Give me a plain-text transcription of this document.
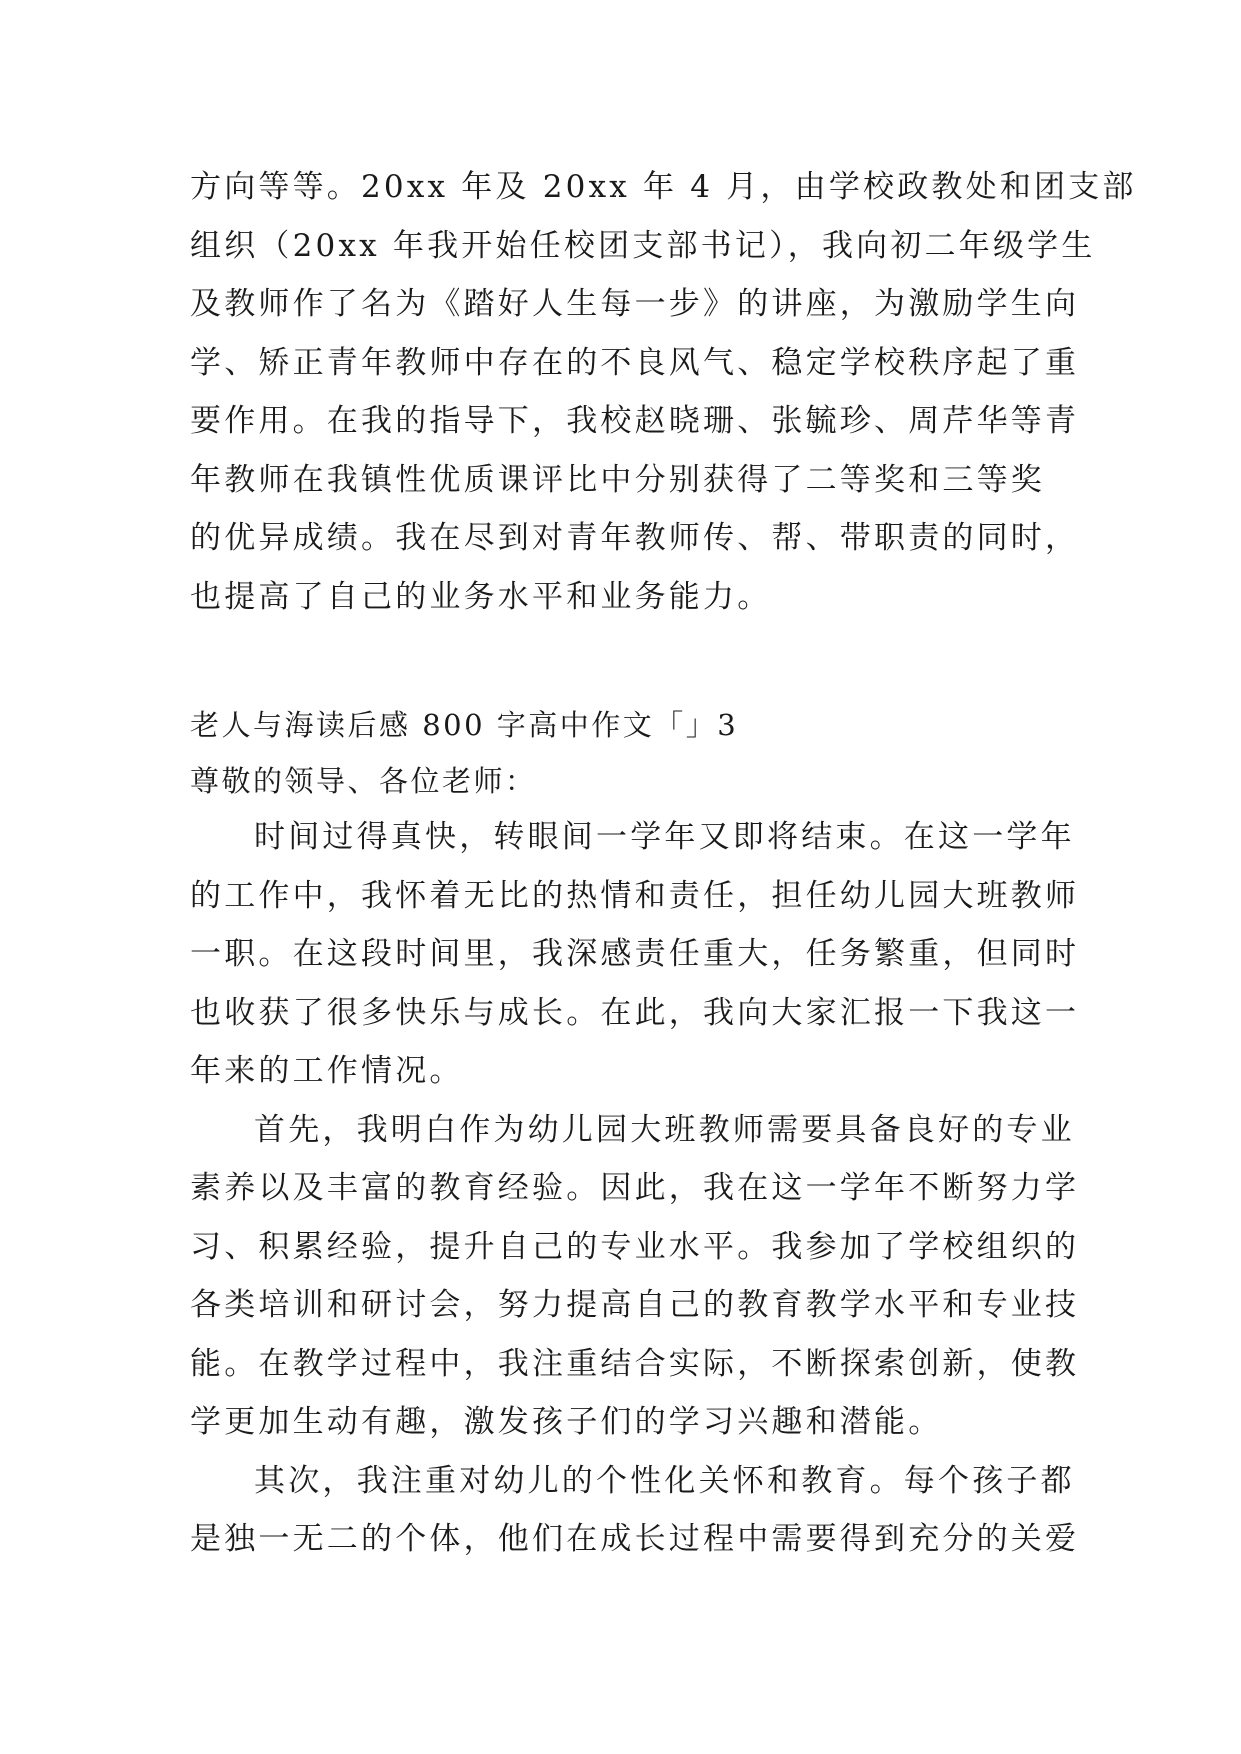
方向等等。20xx 年及 20xx 年 4 月，由学校政教处和团支部
组织（20xx 年我开始任校团支部书记），我向初二年级学生
及教师作了名为《踏好人生每一步》的讲座，为激励学生向
学、矫正青年教师中存在的不良风气、稳定学校秩序起了重
要作用。在我的指导下，我校赵晓珊、张毓珍、周芹华等青
年教师在我镇性优质课评比中分别获得了二等奖和三等奖
的优异成绩。我在尽到对青年教师传、帮、带职责的同时，
也提高了自己的业务水平和业务能力。
老人与海读后感 800 字高中作文「」3
尊敬的领导、各位老师：
时间过得真快，转眼间一学年又即将结束。在这一学年
的工作中，我怀着无比的热情和责任，担任幼儿园大班教师
一职。在这段时间里，我深感责任重大，任务繁重，但同时
也收获了很多快乐与成长。在此，我向大家汇报一下我这一
年来的工作情况。
首先，我明白作为幼儿园大班教师需要具备良好的专业
素养以及丰富的教育经验。因此，我在这一学年不断努力学
习、积累经验，提升自己的专业水平。我参加了学校组织的
各类培训和研讨会，努力提高自己的教育教学水平和专业技
能。在教学过程中，我注重结合实际，不断探索创新，使教
学更加生动有趣，激发孩子们的学习兴趣和潜能。
其次，我注重对幼儿的个性化关怀和教育。每个孩子都
是独一无二的个体，他们在成长过程中需要得到充分的关爱
